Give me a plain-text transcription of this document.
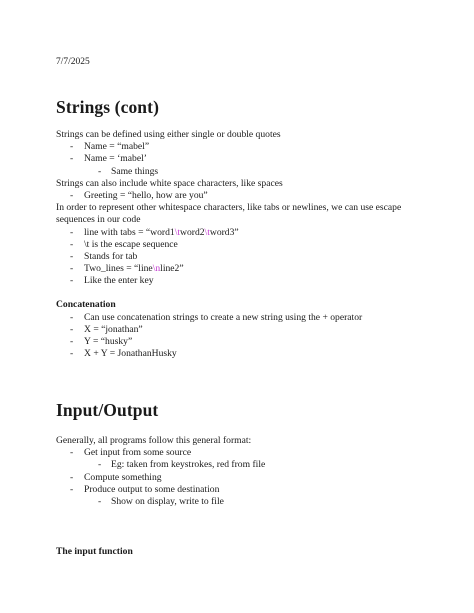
7/7/2025
Strings (cont)
Strings can be defined using either single or double quotes
- Name = “mabel”
- Name = ‘mabel’
- Same things
Strings can also include white space characters, like spaces
- Greeting = “hello, how are you”
In order to represent other whitespace characters, like tabs or newlines, we can use escape sequences in our code
- line with tabs = “word1\tword2\tword3”
- \t is the escape sequence
- Stands for tab
- Two_lines = “line\nline2”
- Like the enter key
Concatenation
- Can use concatenation strings to create a new string using the + operator
- X = “jonathan”
- Y = “husky”
- X + Y = JonathanHusky
Input/Output
Generally, all programs follow this general format:
- Get input from some source
- Eg: taken from keystrokes, red from file
- Compute something
- Produce output to some destination
- Show on display, write to file
The input function
